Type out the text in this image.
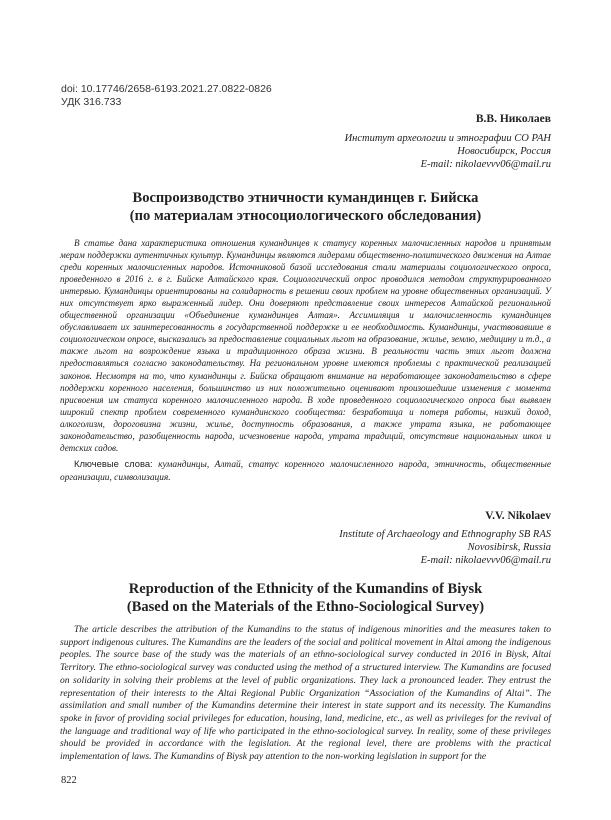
doi: 10.17746/2658-6193.2021.27.0822-0826
УДК 316.733
В.В. Николаев
Институт археологии и этнографии СО РАН
Новосибирск, Россия
E-mail: nikolaevvv06@mail.ru
Воспроизводство этничности кумандинцев г. Бийска
(по материалам этносоциологического обследования)
В статье дана характеристика отношения кумандинцев к статусу коренных малочисленных народов и принятым мерам поддержки аутентичных культур. Кумандинцы являются лидерами общественно-политического движения на Алтае среди коренных малочисленных народов. Источниковой базой исследования стали материалы социологического опроса, проведенного в 2016 г. в г. Бийске Алтайского края. Социологический опрос проводился методом структурированного интервью. Кумандинцы ориентированы на солидарность в решении своих проблем на уровне общественных организаций. У них отсутствует ярко выраженный лидер. Они доверяют представление своих интересов Алтайской региональной общественной организации «Объединение кумандинцев Алтая». Ассимиляция и малочисленность кумандинцев обуславливает их заинтересованность в государственной поддержке и ее необходимость. Кумандинцы, участвовавшие в социологическом опросе, высказались за предоставление социальных льгот на образование, жилье, землю, медицину и т.д., а также льгот на возрождение языка и традиционного образа жизни. В реальности часть этих льгот должна предоставляться согласно законодательству. На региональном уровне имеются проблемы с практической реализацией законов. Несмотря на то, что кумандинцы г. Бийска обращают внимание на неработающее законодательство в сфере поддержки коренного населения, большинство из них положительно оценивают произошедшие изменения с момента присвоения им статуса коренного малочисленного народа. В ходе проведенного социологического опроса был выявлен широкий спектр проблем современного кумандинского сообщества: безработица и потеря работы, низкий доход, алкоголизм, дороговизна жизни, жилье, доступность образования, а также утрата языка, не работающее законодательство, разобщенность народа, исчезновение народа, утрата традиций, отсутствие национальных школ и детских садов.
Ключевые слова: кумандинцы, Алтай, статус коренного малочисленного народа, этничность, общественные организации, символизация.
V.V. Nikolaev
Institute of Archaeology and Ethnography SB RAS
Novosibirsk, Russia
E-mail: nikolaevvv06@mail.ru
Reproduction of the Ethnicity of the Kumandins of Biysk
(Based on the Materials of the Ethno-Sociological Survey)
The article describes the attribution of the Kumandins to the status of indigenous minorities and the measures taken to support indigenous cultures. The Kumandins are the leaders of the social and political movement in Altai among the indigenous peoples. The source base of the study was the materials of an ethno-sociological survey conducted in 2016 in Biysk, Altai Territory. The ethno-sociological survey was conducted using the method of a structured interview. The Kumandins are focused on solidarity in solving their problems at the level of public organizations. They lack a pronounced leader. They entrust the representation of their interests to the Altai Regional Public Organization “Association of the Kumandins of Altai”. The assimilation and small number of the Kumandins determine their interest in state support and its necessity. The Kumandins spoke in favor of providing social privileges for education, housing, land, medicine, etc., as well as privileges for the revival of the language and traditional way of life who participated in the ethno-sociological survey. In reality, some of these privileges should be provided in accordance with the legislation. At the regional level, there are problems with the practical implementation of laws. The Kumandins of Biysk pay attention to the non-working legislation in support for the
822
